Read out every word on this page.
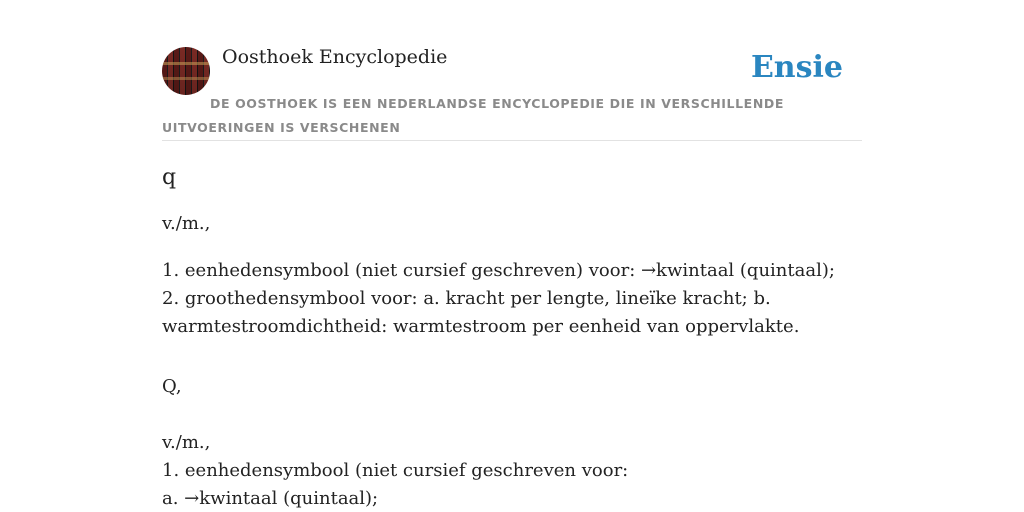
Oosthoek Encyclopedie	Ensie
DE OOSTHOEK IS EEN NEDERLANDSE ENCYCLOPEDIE DIE IN VERSCHILLENDE UITVOERINGEN IS VERSCHENEN
q

v./m.,

1. eenhedensymbool (niet cursief geschreven) voor: →kwintaal (quintaal);
2. groothedensymbool voor: a. kracht per lengte, lineïke kracht; b.
warmtestroomdichtheid: warmtestroom per eenheid van oppervlakte.

Q,
v./m.,
1. eenhedensymbool (niet cursief geschreven voor:
a. →kwintaal (quintaal);
